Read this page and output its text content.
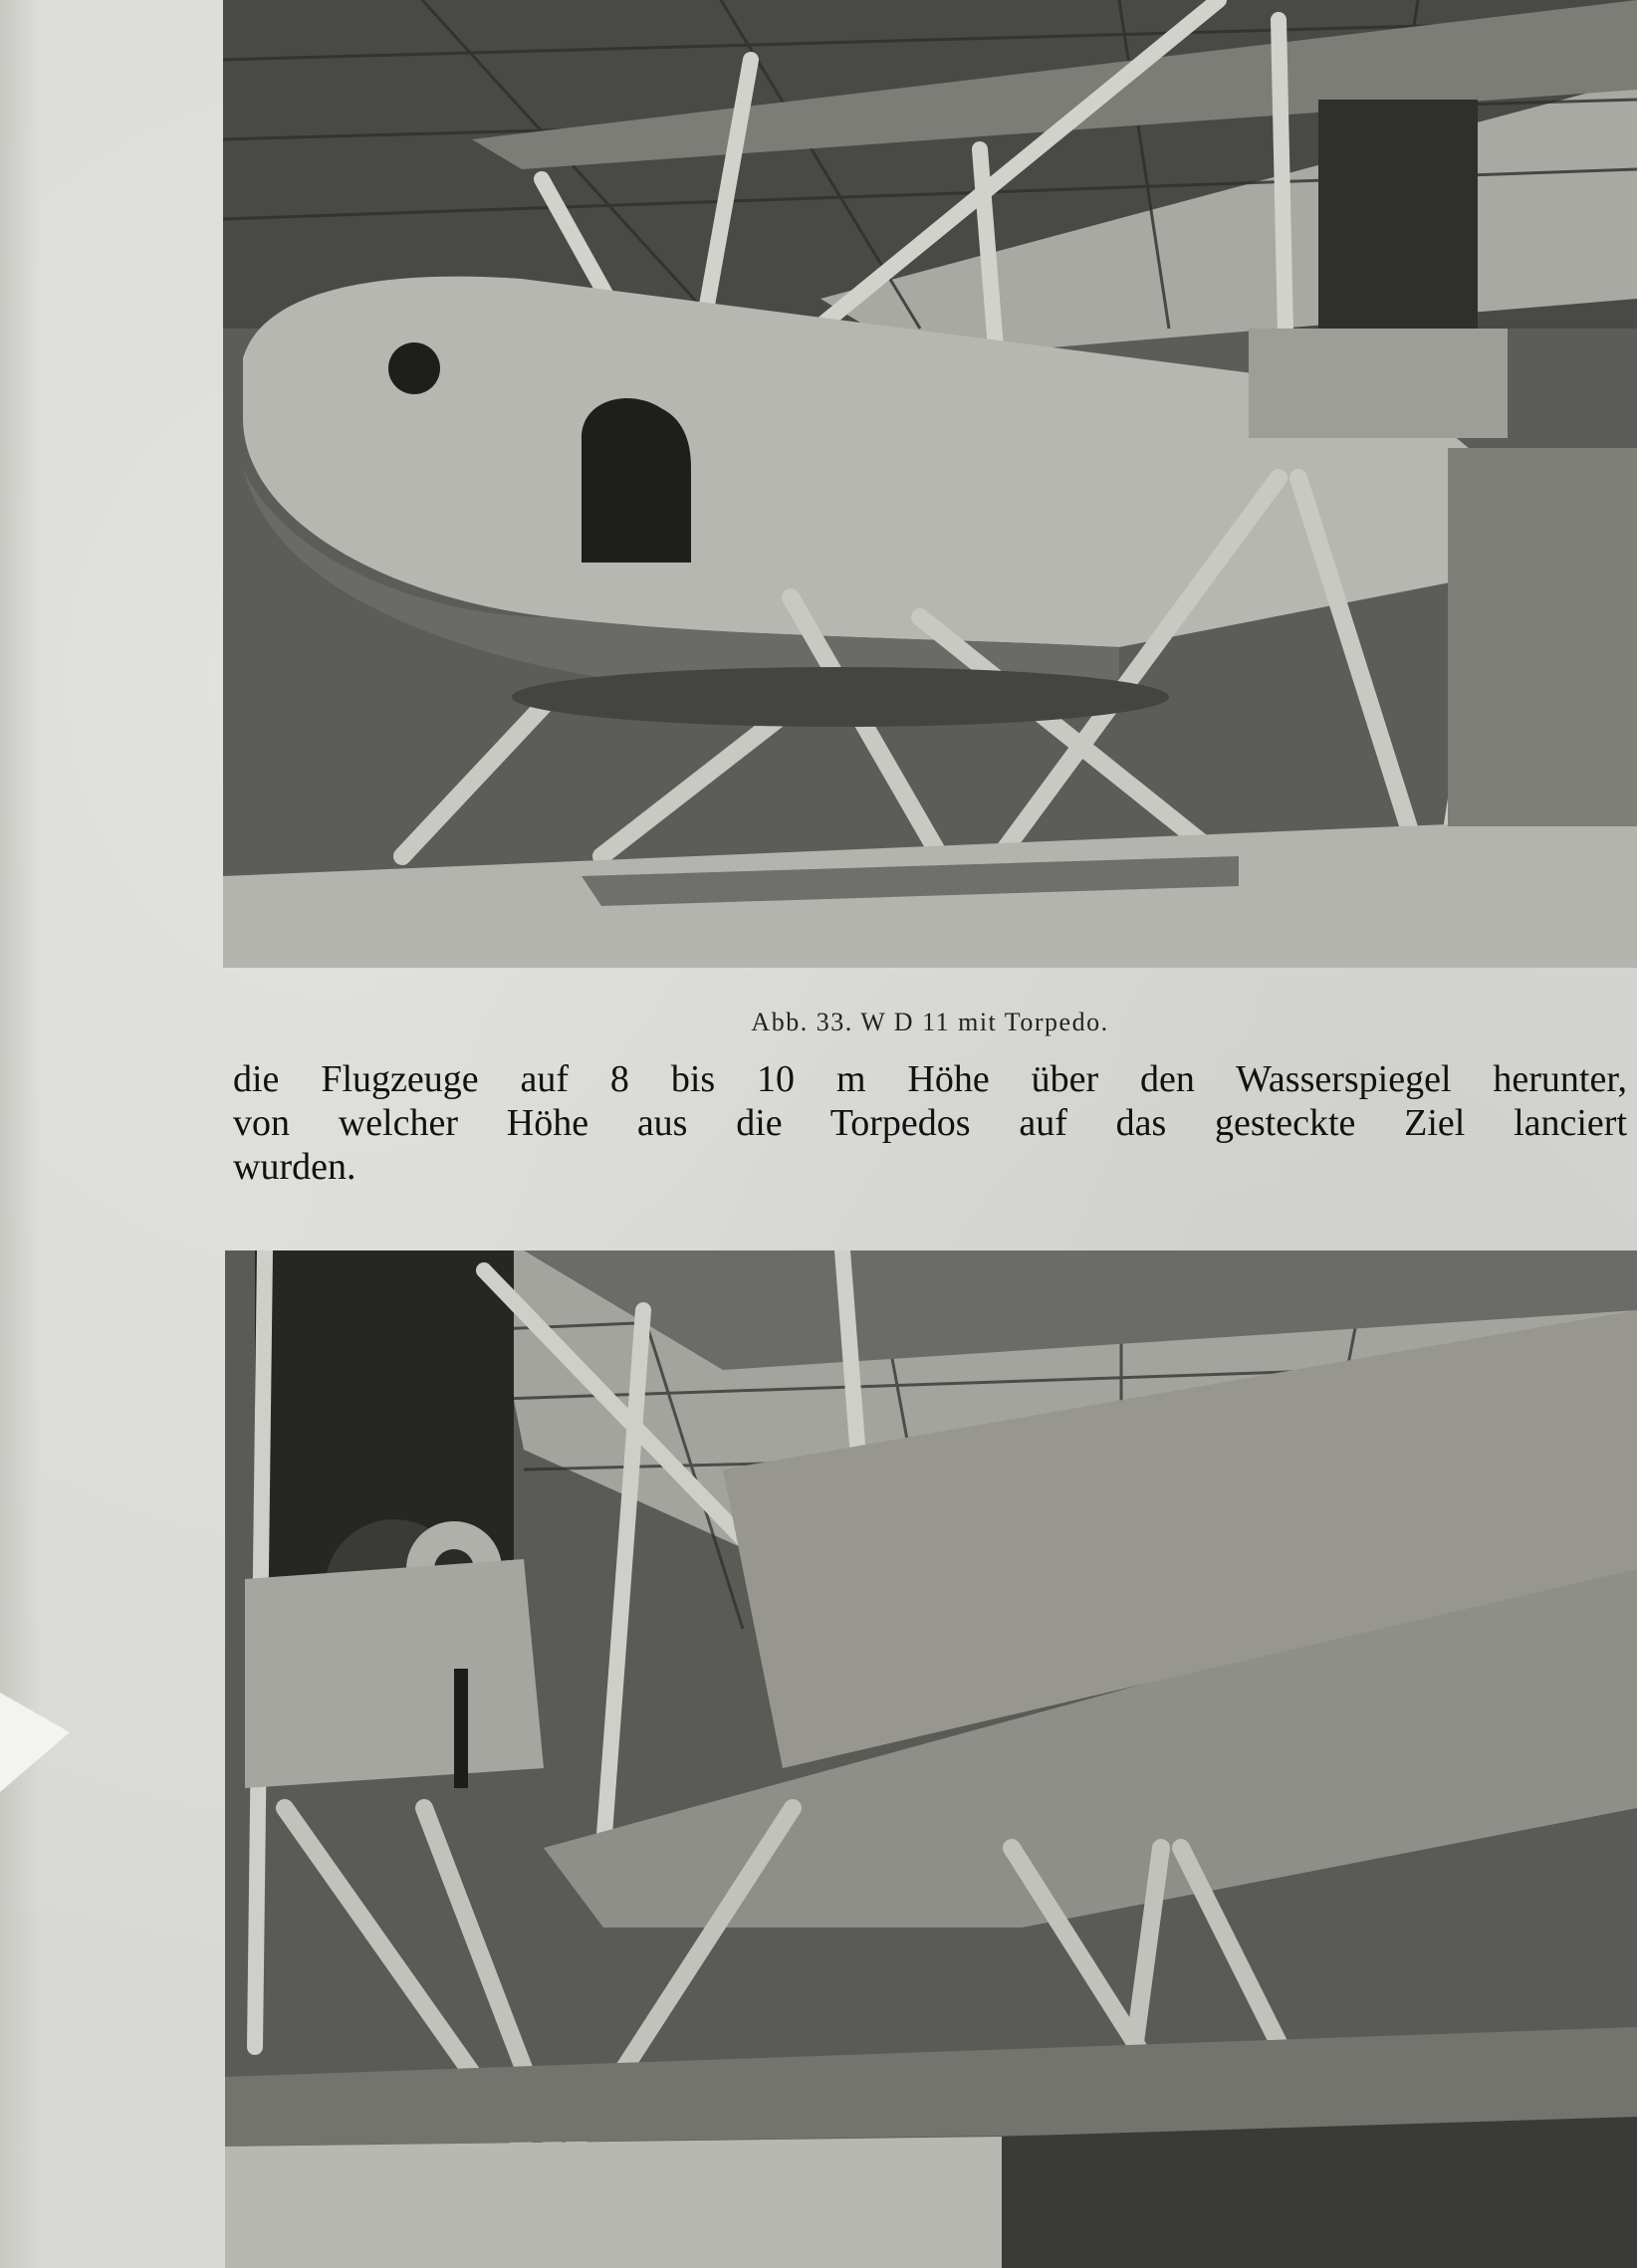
Abb. 33. W D 11 mit Torpedo.
die Flugzeuge auf 8 bis 10 m Höhe über den Wasserspiegel herunter,
von welcher Höhe aus die Torpedos auf das gesteckte Ziel lanciert
wurden.
